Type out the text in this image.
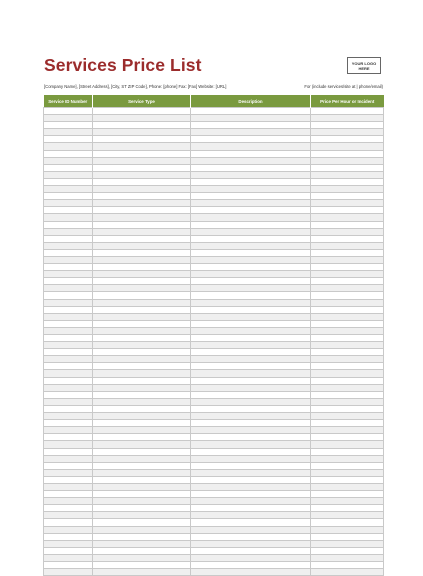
Services Price List	YOUR LOGO
HERE
[Company Name], [Street Address], [City, ST ZIP Code], Phone: [phone] Fax: [Fax] Website: [URL]	For (include services/site at | phone/email)
Service ID Number	Service Type	Description	Price Per Hour or Incident
